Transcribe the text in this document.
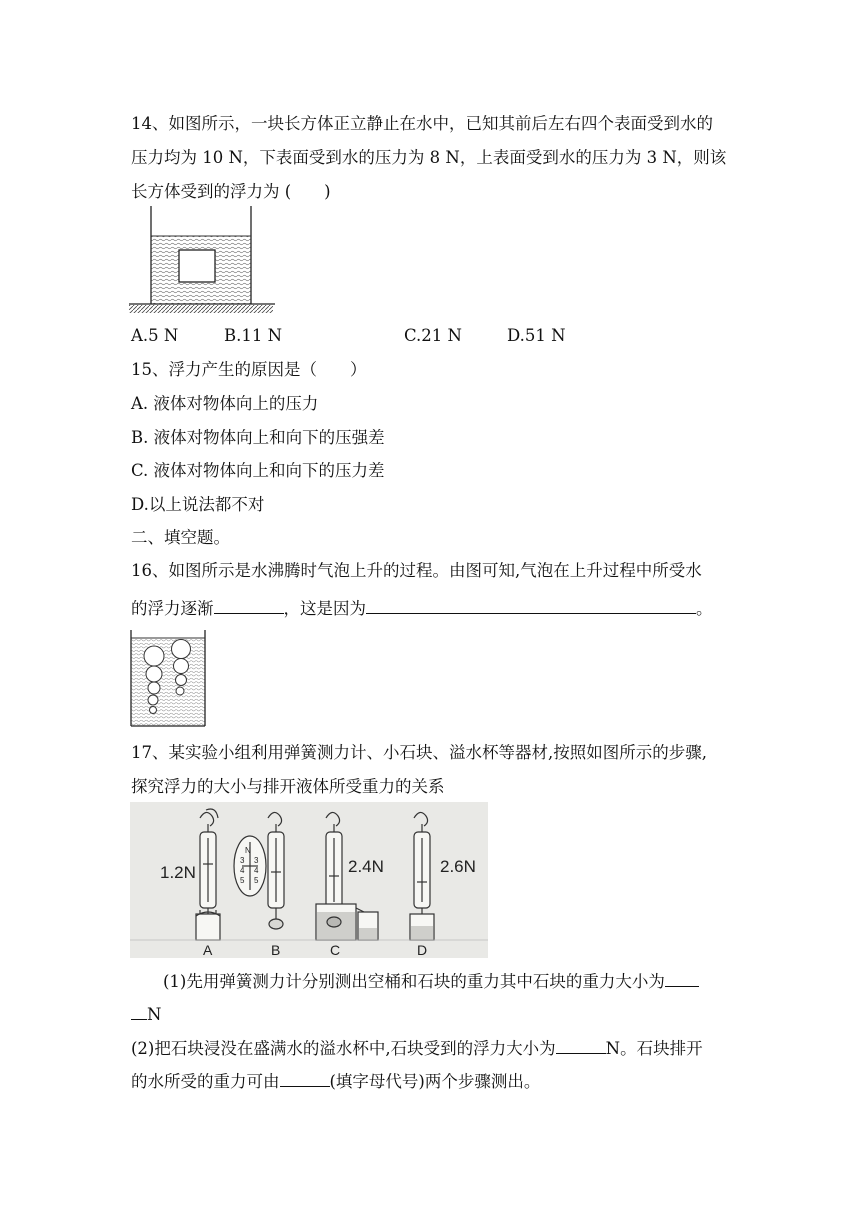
14、如图所示，一块长方体正立静止在水中，已知其前后左右四个表面受到水的
压力均为 10 N，下表面受到水的压力为 8 N，上表面受到水的压力为 3 N，则该
长方体受到的浮力为 (　　)
A.5 N	B.11 N	C.21 N	D.51 N
15、浮力产生的原因是（　　）
A. 液体对物体向上的压力
B. 液体对物体向上和向下的压强差
C. 液体对物体向上和向下的压力差
D.以上说法都不对
二、填空题。
16、如图所示是水沸腾时气泡上升的过程。由图可知,气泡在上升过程中所受水
的浮力逐渐	，这是因为	。
17、某实验小组利用弹簧测力计、小石块、溢水杯等器材,按照如图所示的步骤,
探究浮力的大小与排开液体所受重力的关系
1.2N	2.4N	2.6N
N
3
4
5
3
4
5
A	B	C	D
(1)先用弹簧测力计分别测出空桶和石块的重力其中石块的重力大小为
N
(2)把石块浸没在盛满水的溢水杯中,石块受到的浮力大小为	N。石块排开
的水所受的重力可由	(填字母代号)两个步骤测出。
